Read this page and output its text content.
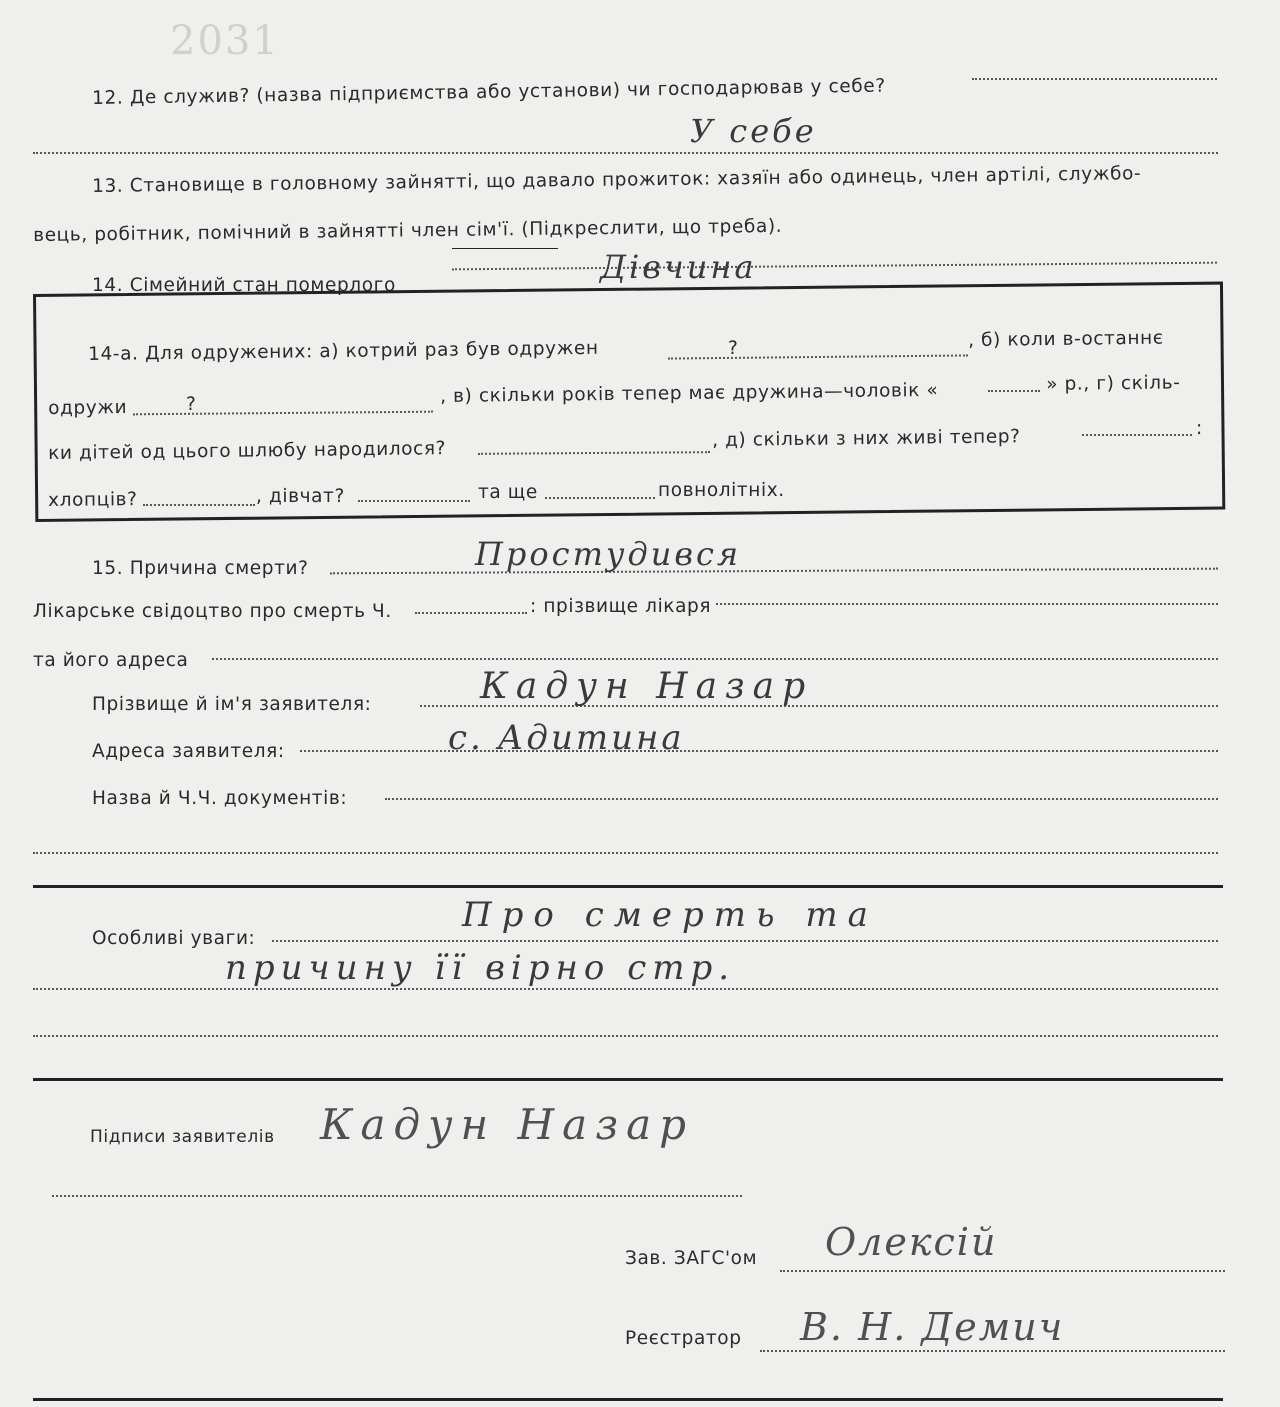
2031
12. Де служив? (назва підприємства або установи) чи господарював у себе?
У себе
13. Становище в головному зайнятті, що давало прожиток: хазяїн або одинець, член артілі, службо-
вець, робітник, помічний в зайнятті член сім'ї. (Підкреслити, що треба).
14. Сімейний стан померлого	Дівчина
14-а. Для одружених: а) котрий раз був одружен	?	, б) коли в-останнє
одружи	?	, в) скільки років тепер має дружина—чоловік «	» р., г) скіль-
ки дітей од цього шлюбу народилося?	, д) скільки з них живі тепер?	:
хлопців?	, дівчат?	та ще	повнолітніх.
15. Причина смерти?	Простудився
Лікарське свідоцтво про смерть Ч.	: прізвище лікаря
та його адреса
Прізвище й ім'я заявителя:	Кадун Назар
Адреса заявителя:	с. Адитина
Назва й Ч.Ч. документів:
Особливі уваги:
Про смерть та
причину її вірно стр.
Підписи заявителів Кадун Назар
Зав. ЗАГС'ом Олексій
Реєстратор В. Н. Демич
